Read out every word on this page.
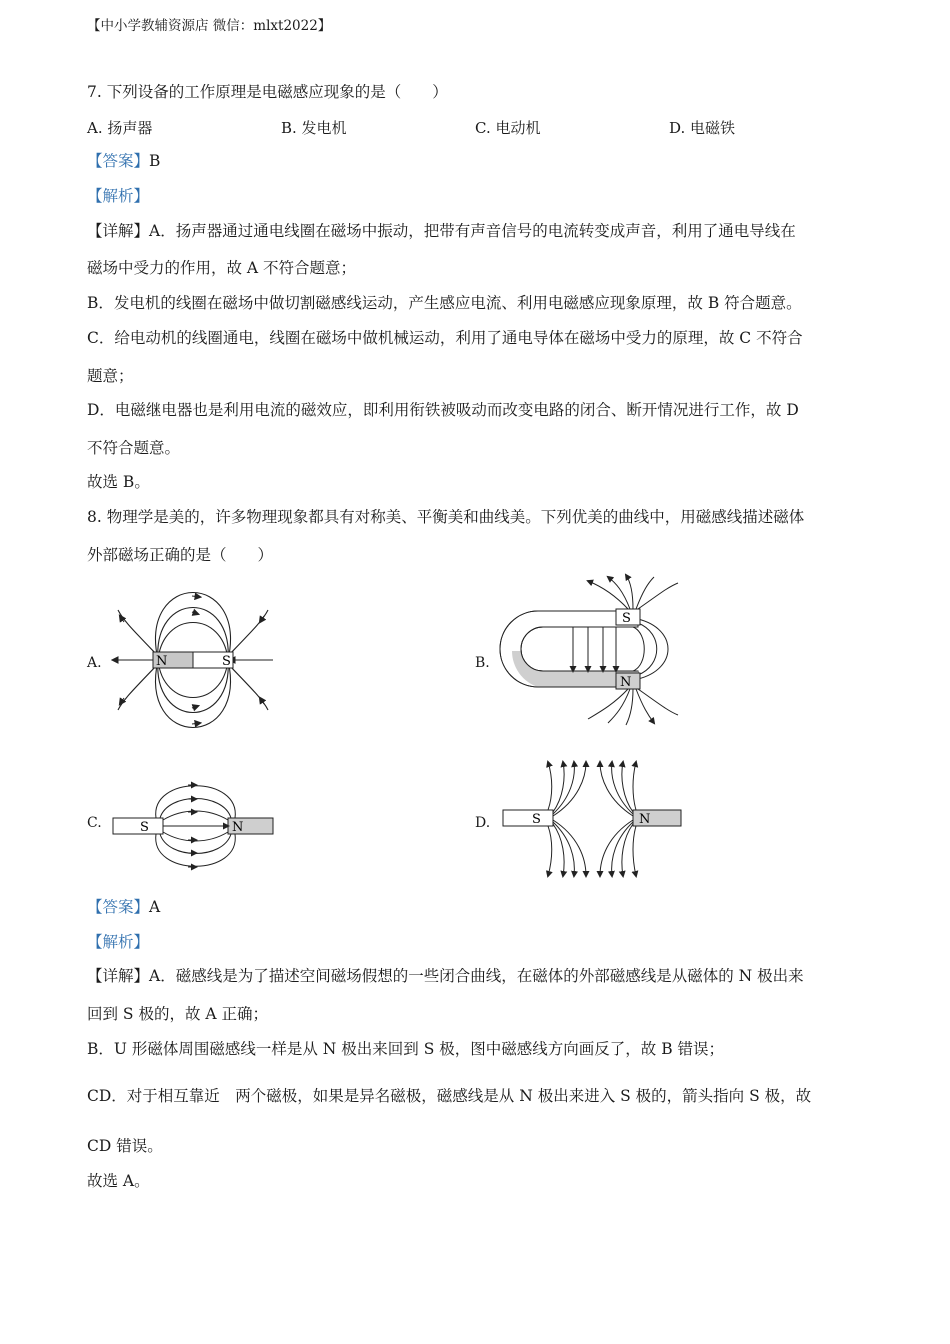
【中小学教辅资源店 微信：mlxt2022】
7. 下列设备的工作原理是电磁感应现象的是（　　）
A. 扬声器	B. 发电机	C. 电动机	D. 电磁铁
【答案】B
【解析】
【详解】A．扬声器通过通电线圈在磁场中振动，把带有声音信号的电流转变成声音，利用了通电导线在
磁场中受力的作用，故 A 不符合题意；
B．发电机的线圈在磁场中做切割磁感线运动，产生感应电流、利用电磁感应现象原理，故 B 符合题意。
C．给电动机的线圈通电，线圈在磁场中做机械运动，利用了通电导体在磁场中受力的原理，故 C 不符合
题意；
D．电磁继电器也是利用电流的磁效应，即利用衔铁被吸动而改变电路的闭合、断开情况进行工作，故 D
不符合题意。
故选 B。
8. 物理学是美的，许多物理现象都具有对称美、平衡美和曲线美。下列优美的曲线中，用磁感线描述磁体
外部磁场正确的是（　　）
A.	N	S	B.
S
N
C.	S	N	D.	S	N
【答案】A
【解析】
【详解】A．磁感线是为了描述空间磁场假想的一些闭合曲线，在磁体的外部磁感线是从磁体的 N 极出来
回到 S 极的，故 A 正确；
B．U 形磁体周围磁感线一样是从 N 极出来回到 S 极，图中磁感线方向画反了，故 B 错误；
CD．对于相互靠近　两个磁极，如果是异名磁极，磁感线是从 N 极出来进入 S 极的，箭头指向 S 极，故
CD 错误。
故选 A。
